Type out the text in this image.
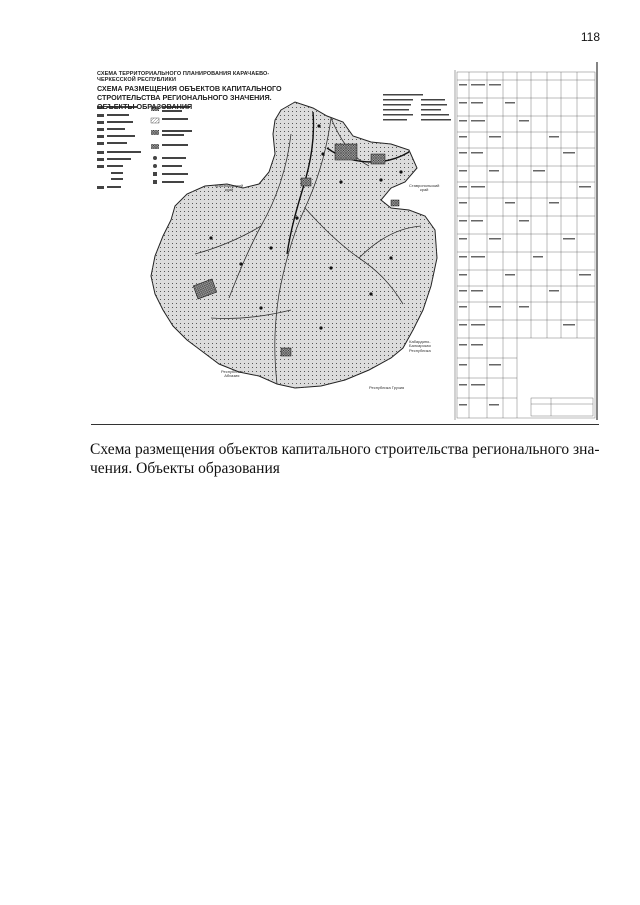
118
СХЕМА ТЕРРИТОРИАЛЬНОГО ПЛАНИРОВАНИЯ КАРАЧАЕВО-ЧЕРКЕССКОЙ РЕСПУБЛИКИ
СХЕМА РАЗМЕЩЕНИЯ ОБЪЕКТОВ КАПИТАЛЬНОГО
СТРОИТЕЛЬСТВА РЕГИОНАЛЬНОГО ЗНАЧЕНИЯ.
ОБЪЕКТЫ ОБРАЗОВАНИЯ
Краснодарский
край
Ставропольский
край
Кабардино-
Балкарская
Республика
Республика
Абхазия
Республика Грузия
Схема размещения объектов капитального строительства регионального зна-
чения. Объекты образования
